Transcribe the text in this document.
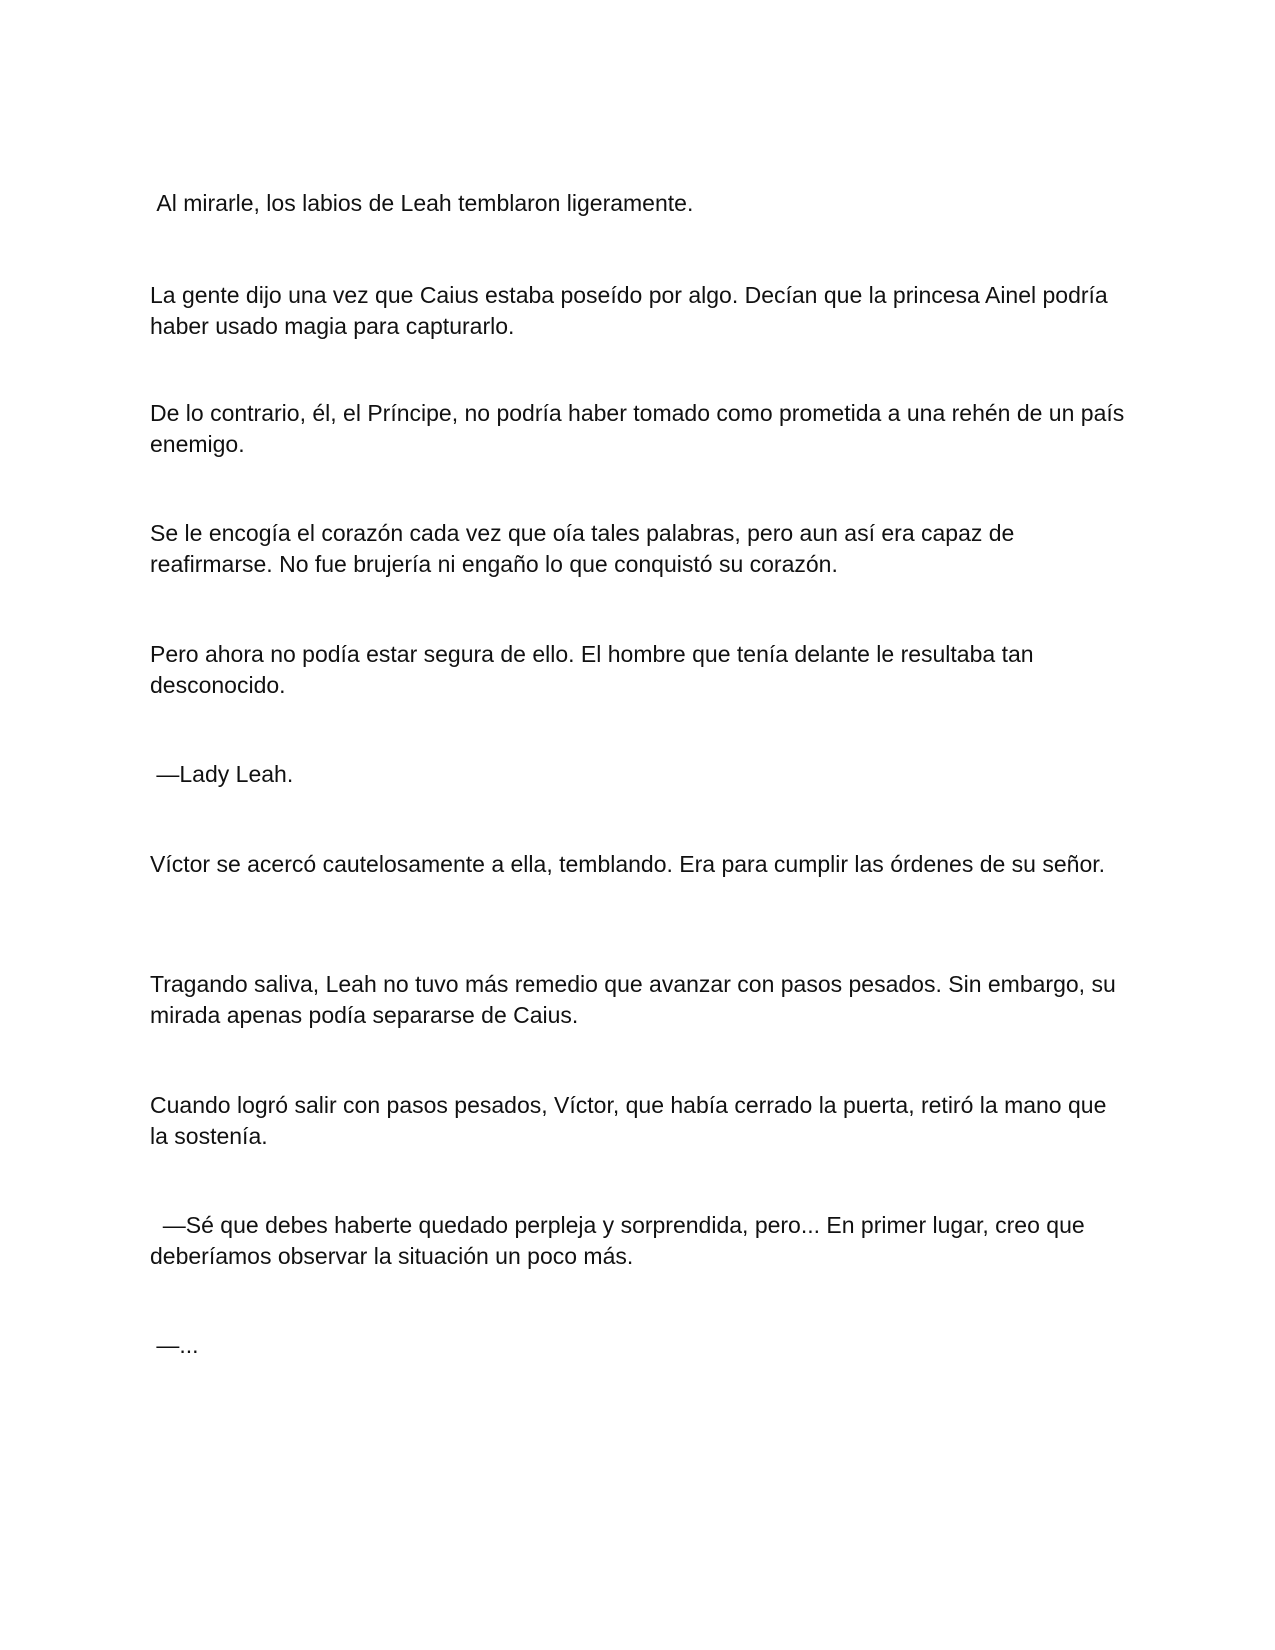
Al mirarle, los labios de Leah temblaron ligeramente.

La gente dijo una vez que Caius estaba poseído por algo. Decían que la princesa Ainel podría haber usado magia para capturarlo.

De lo contrario, él, el Príncipe, no podría haber tomado como prometida a una rehén de un país enemigo.

Se le encogía el corazón cada vez que oía tales palabras, pero aun así era capaz de reafirmarse. No fue brujería ni engaño lo que conquistó su corazón.

Pero ahora no podía estar segura de ello. El hombre que tenía delante le resultaba tan desconocido.

—Lady Leah.

Víctor se acercó cautelosamente a ella, temblando. Era para cumplir las órdenes de su señor.

Tragando saliva, Leah no tuvo más remedio que avanzar con pasos pesados. Sin embargo, su mirada apenas podía separarse de Caius.

Cuando logró salir con pasos pesados, Víctor, que había cerrado la puerta, retiró la mano que la sostenía.

—Sé que debes haberte quedado perpleja y sorprendida, pero... En primer lugar, creo que deberíamos observar la situación un poco más.

—...
